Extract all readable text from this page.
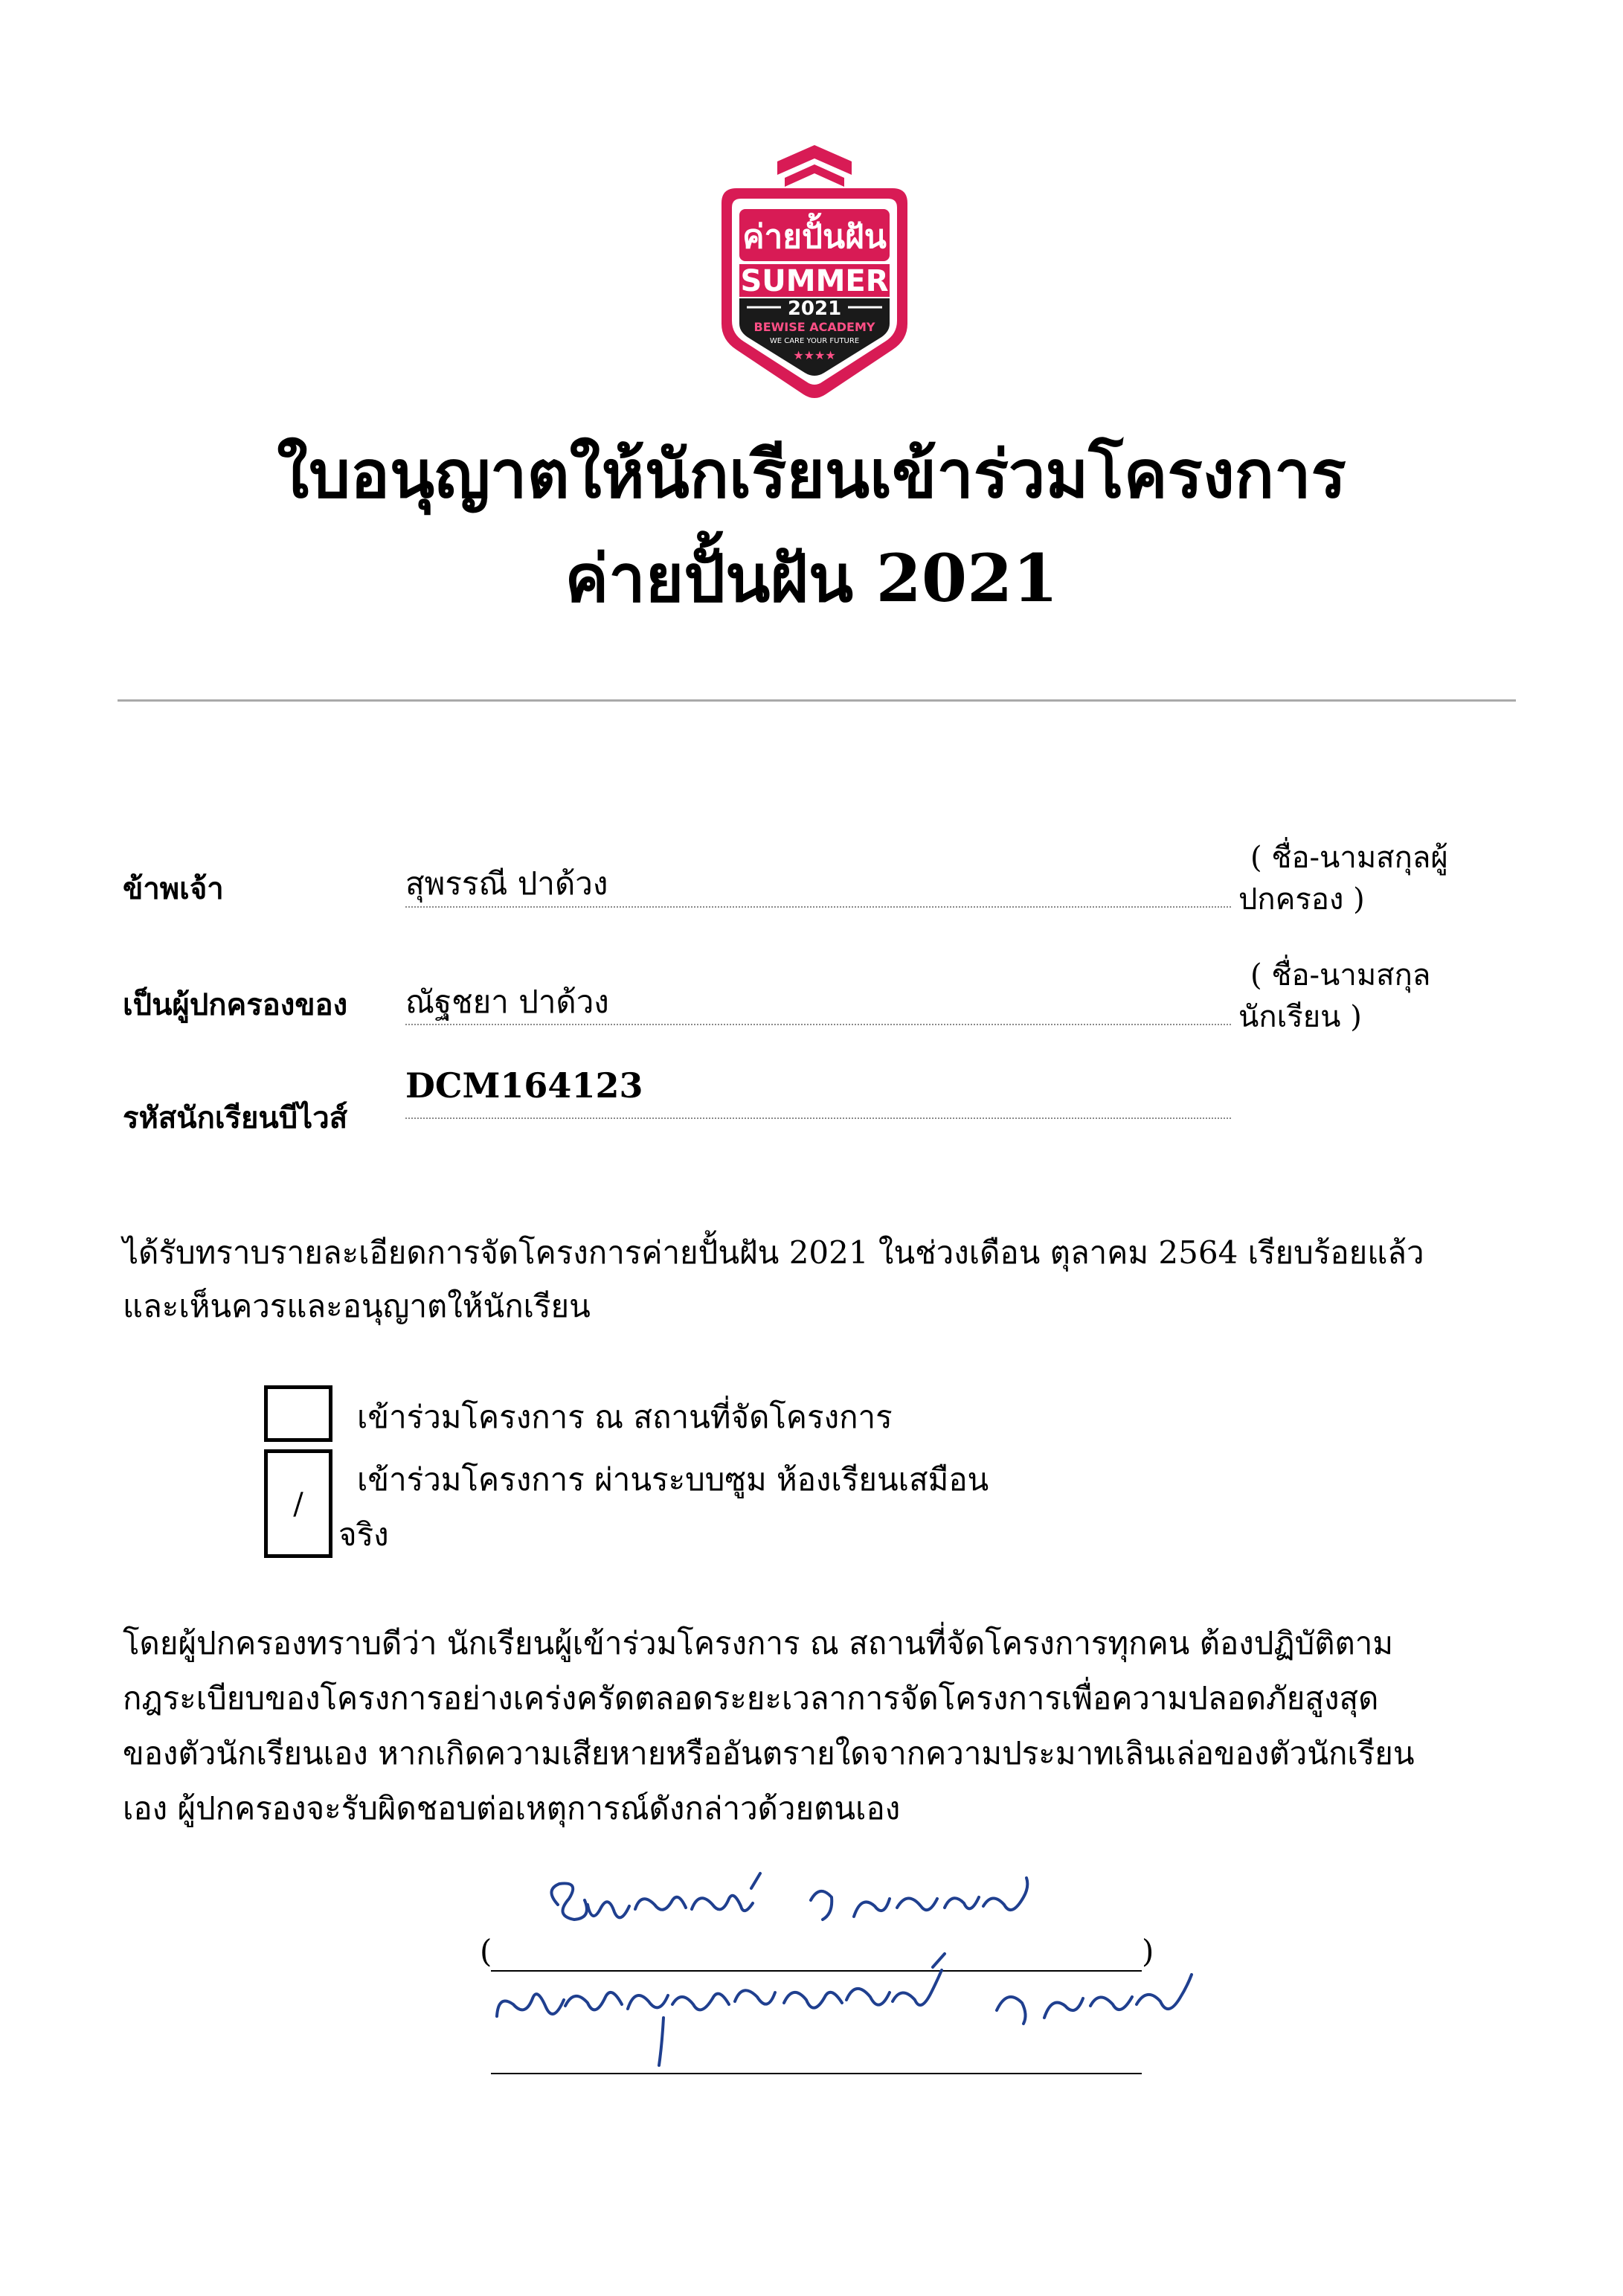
ค่ายปั้นฝัน
SUMMER
2021
BEWISE ACADEMY
WE CARE YOUR FUTURE
★★★★
ใบอนุญาตให้นักเรียนเข้าร่วมโครงการ
ค่ายปั้นฝัน 2021
ข้าพเจ้า	สุพรรณี ปาด้วง
( ชื่อ-นามสกุลผู้
ปกครอง )
เป็นผู้ปกครองของ ณัฐชยา ปาด้วง
( ชื่อ-นามสกุล
นักเรียน )
รหัสนักเรียนบีไวส์
DCM164123
ได้รับทราบรายละเอียดการจัดโครงการค่ายปั้นฝัน 2021 ในช่วงเดือน ตุลาคม 2564 เรียบร้อยแล้ว
และเห็นควรและอนุญาตให้นักเรียน
เข้าร่วมโครงการ ณ สถานที่จัดโครงการ
/
เข้าร่วมโครงการ ผ่านระบบซูม ห้องเรียนเสมือน
จริง
โดยผู้ปกครองทราบดีว่า นักเรียนผู้เข้าร่วมโครงการ ณ สถานที่จัดโครงการทุกคน ต้องปฏิบัติตาม
กฎระเบียบของโครงการอย่างเคร่งครัดตลอดระยะเวลาการจัดโครงการเพื่อความปลอดภัยสูงสุด
ของตัวนักเรียนเอง หากเกิดความเสียหายหรืออันตรายใดจากความประมาทเลินเล่อของตัวนักเรียน
เอง ผู้ปกครองจะรับผิดชอบต่อเหตุการณ์ดังกล่าวด้วยตนเอง
(	)
